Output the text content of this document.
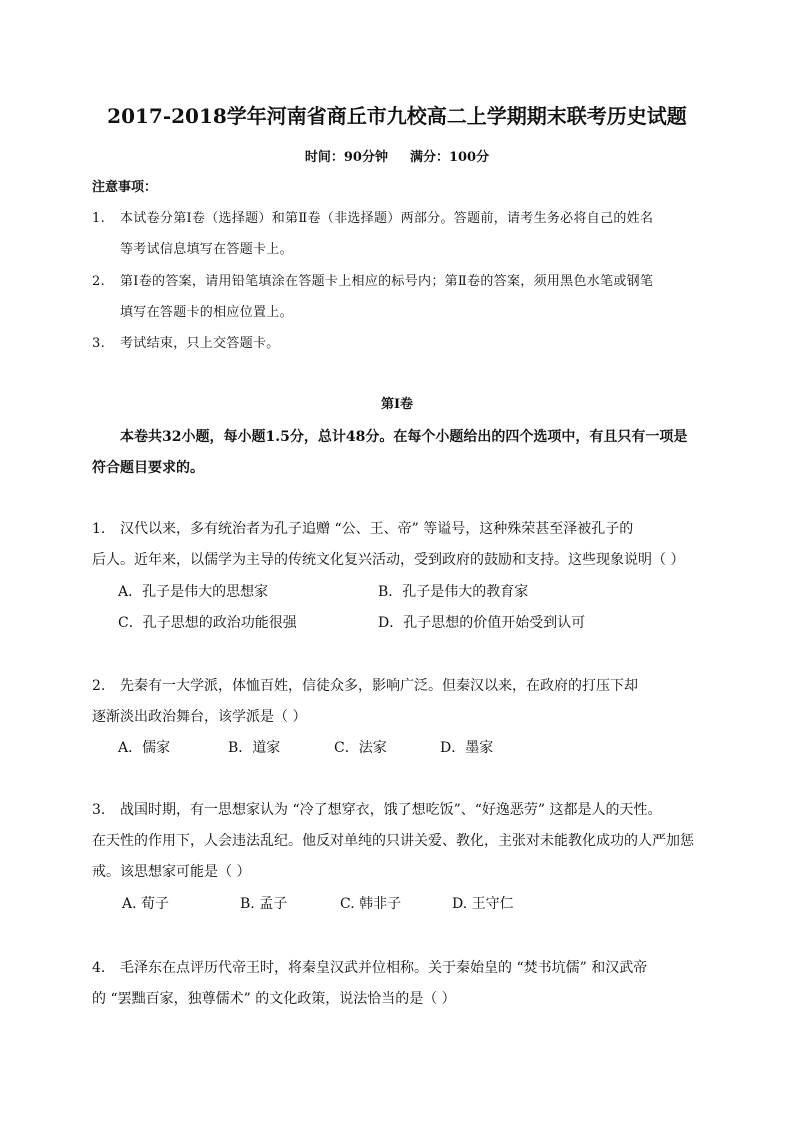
2017-2018学年河南省商丘市九校高二上学期期末联考历史试题
时间：90分钟 满分：100分
注意事项：
1. 本试卷分第Ⅰ卷（选择题）和第Ⅱ卷（非选择题）两部分。答题前，请考生务必将自己的姓名
等考试信息填写在答题卡上。
2. 第Ⅰ卷的答案，请用铅笔填涂在答题卡上相应的标号内；第Ⅱ卷的答案，须用黑色水笔或钢笔
填写在答题卡的相应位置上。
3. 考试结束，只上交答题卡。
第Ⅰ卷
本卷共32小题，每小题1.5分，总计48分。在每个小题给出的四个选项中，有且只有一项是
符合题目要求的。
1. 汉代以来，多有统治者为孔子追赠 “公、王、帝” 等谥号，这种殊荣甚至泽被孔子的
后人。近年来，以儒学为主导的传统文化复兴活动，受到政府的鼓励和支持。这些现象说明（ ）
A．孔子是伟大的思想家	B．孔子是伟大的教育家
C．孔子思想的政治功能很强	D．孔子思想的价值开始受到认可
2. 先秦有一大学派，体恤百姓，信徒众多，影响广泛。但秦汉以来，在政府的打压下却
逐渐淡出政治舞台，该学派是（ ）
A．儒家	B．道家	C．法家	D．墨家
3. 战国时期，有一思想家认为 “冷了想穿衣，饿了想吃饭”、“好逸恶劳” 这都是人的天性。
在天性的作用下，人会违法乱纪。他反对单纯的只讲关爱、教化，主张对未能教化成功的人严加惩
戒。该思想家可能是（ ）
A. 荀子	B. 孟子	C. 韩非子	D. 王守仁
4. 毛泽东在点评历代帝王时，将秦皇汉武并位相称。关于秦始皇的 “焚书坑儒” 和汉武帝
的 “罢黜百家，独尊儒术” 的文化政策，说法恰当的是（ ）
